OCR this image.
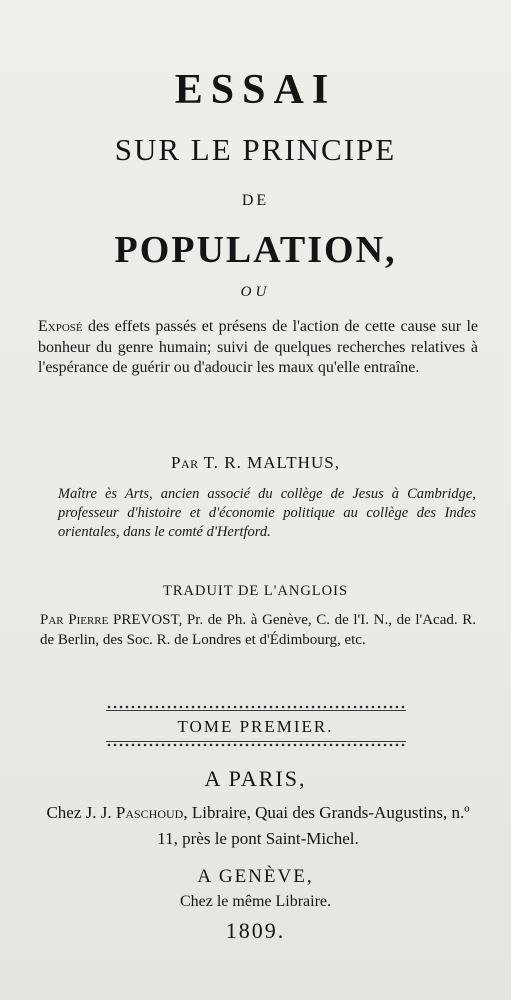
ESSAI
SUR LE PRINCIPE
DE
POPULATION,
OU
Exposé des effets passés et présens de l'action de cette cause sur le bonheur du genre humain; suivi de quelques recherches relatives à l'espérance de guérir ou d'adoucir les maux qu'elle entraîne.
Par T. R. MALTHUS,
Maître ès Arts, ancien associé du collège de Jesus à Cambridge, professeur d'histoire et d'économie politique au collège des Indes orientales, dans le comté d'Hertford.
TRADUIT DE L'ANGLOIS
Par Pierre PREVOST, Pr. de Ph. à Genève, C. de l'I. N., de l'Acad. R. de Berlin, des Soc. R. de Londres et d'Édimbourg, etc.
TOME PREMIER.
A PARIS,
Chez J. J. Paschoud, Libraire, Quai des Grands-Augustins, n.º 11, près le pont Saint-Michel.
A GENÈVE,
Chez le même Libraire.
1809.
